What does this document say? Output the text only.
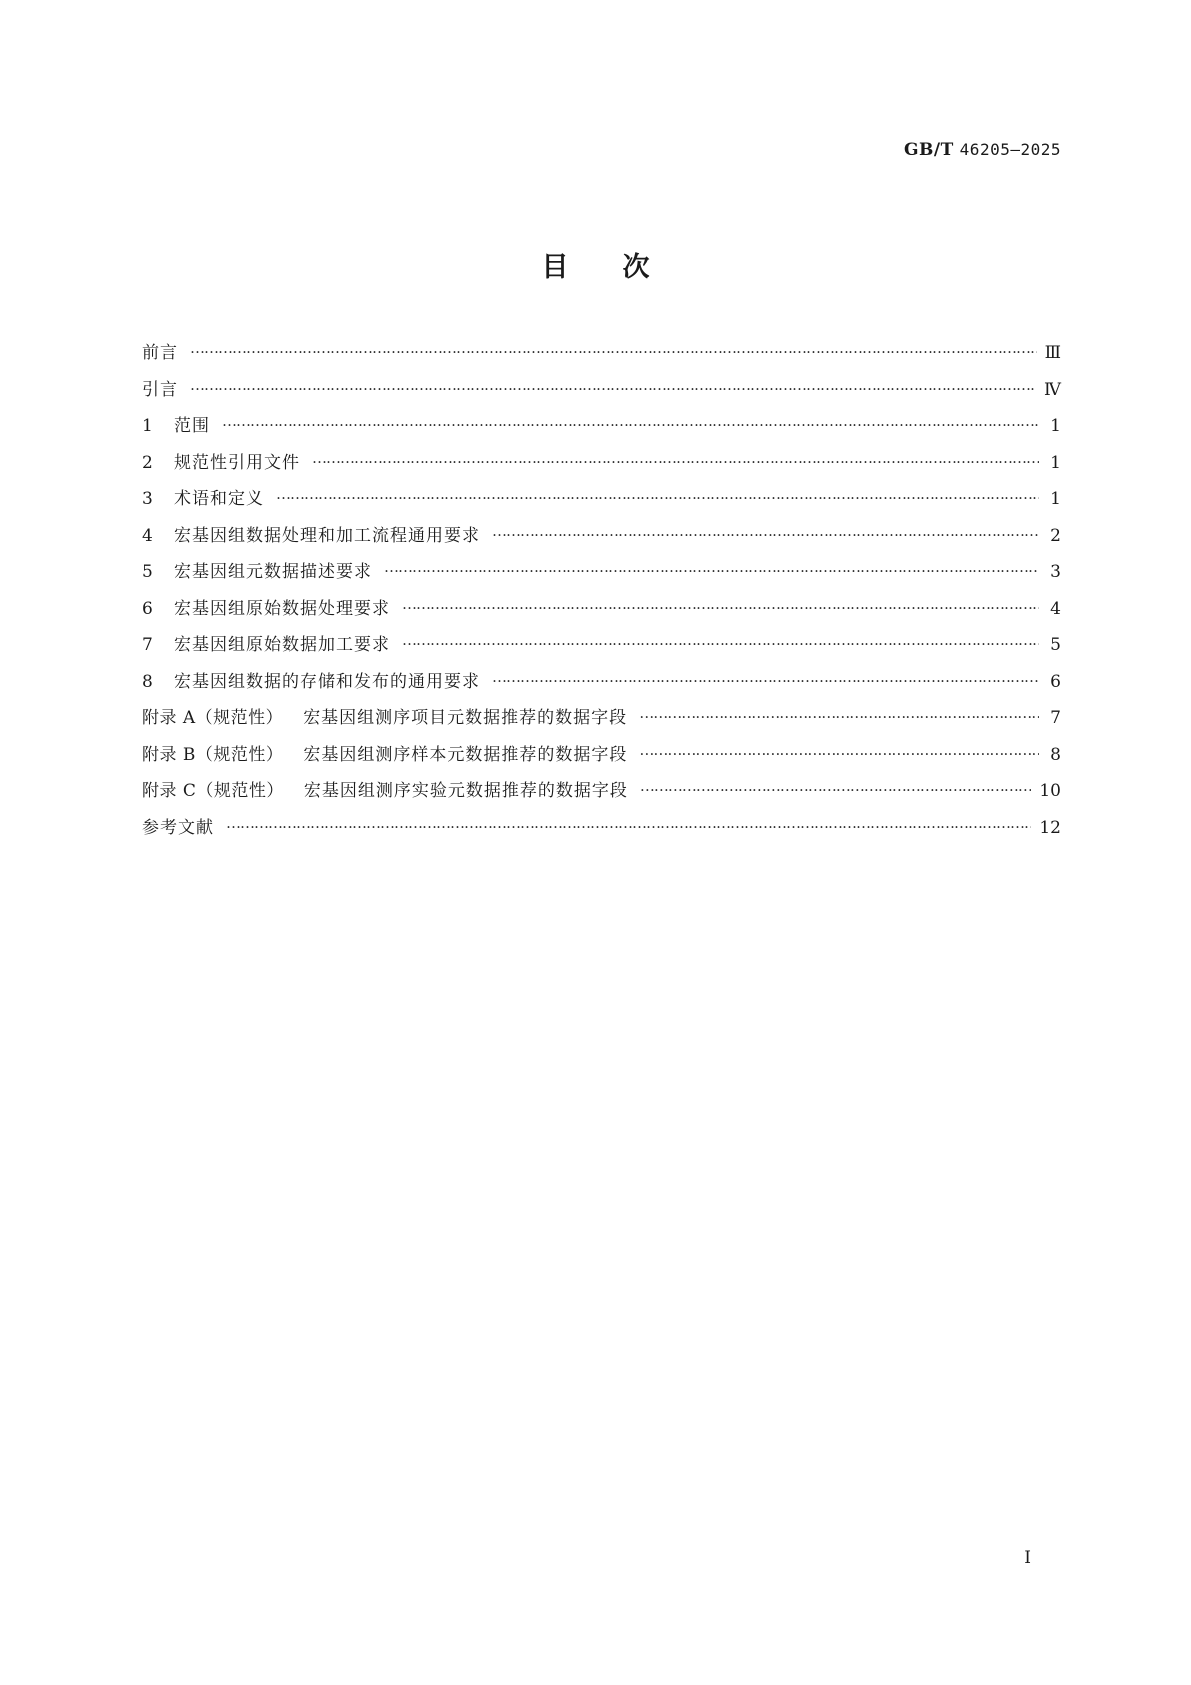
GB/T 46205—2025
目次
前言 ……………………………………………………………………………………………………………………………………………………………………	Ⅲ
引言 ……………………………………………………………………………………………………………………………………………………………………	Ⅳ
1	范围 ……………………………………………………………………………………………………………………………………………………………………	1
2	规范性引用文件 ……………………………………………………………………………………………………………………………………………………………………	1
3	术语和定义 ……………………………………………………………………………………………………………………………………………………………………	1
4	宏基因组数据处理和加工流程通用要求 ……………………………………………………………………………………………………………………………………………………………………	2
5	宏基因组元数据描述要求 ……………………………………………………………………………………………………………………………………………………………………	3
6	宏基因组原始数据处理要求 ……………………………………………………………………………………………………………………………………………………………………	4
7	宏基因组原始数据加工要求 ……………………………………………………………………………………………………………………………………………………………………	5
8	宏基因组数据的存储和发布的通用要求 ……………………………………………………………………………………………………………………………………………………………………	6
附录 A（规范性） 宏基因组测序项目元数据推荐的数据字段 ……………………………………………………………………………………………………………………………………………………………………	7
附录 B（规范性） 宏基因组测序样本元数据推荐的数据字段 ……………………………………………………………………………………………………………………………………………………………………	8
附录 C（规范性） 宏基因组测序实验元数据推荐的数据字段 ……………………………………………………………………………………………………………………………………………………………………	10
参考文献 ……………………………………………………………………………………………………………………………………………………………………	12
Ⅰ
